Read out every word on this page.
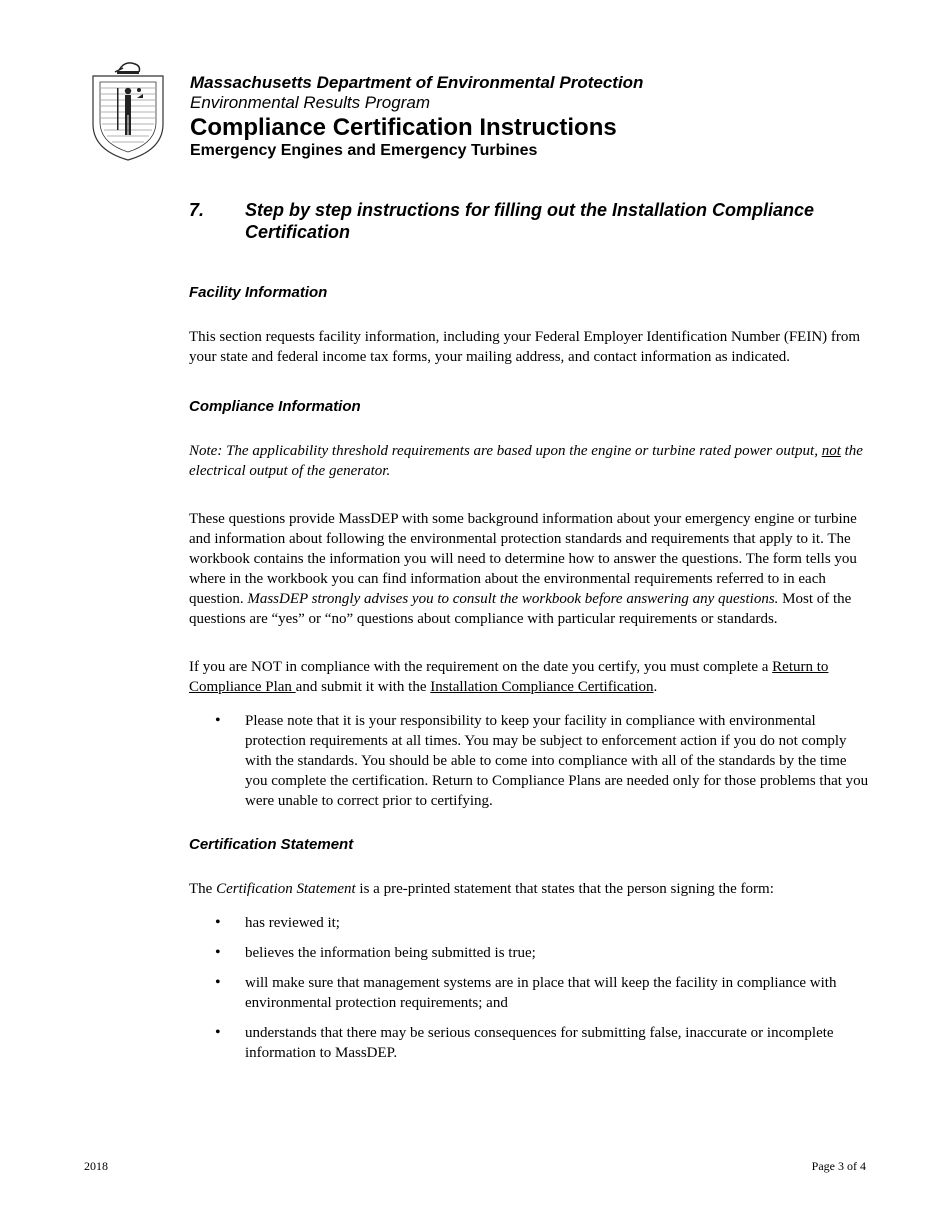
Massachusetts Department of Environmental Protection
Environmental Results Program
Compliance Certification Instructions
Emergency Engines and Emergency Turbines
7.	Step by step instructions for filling out the Installation Compliance Certification
Facility Information

This section requests facility information, including your Federal Employer Identification Number (FEIN) from your state and federal income tax forms, your mailing address, and contact information as indicated.

Compliance Information

Note: The applicability threshold requirements are based upon the engine or turbine rated power output, not the electrical output of the generator.

These questions provide MassDEP with some background information about your emergency engine or turbine and information about following the environmental protection standards and requirements that apply to it. The workbook contains the information you will need to determine how to answer the questions. The form tells you where in the workbook you can find information about the environmental requirements referred to in each question. MassDEP strongly advises you to consult the workbook before answering any questions. Most of the questions are “yes” or “no” questions about compliance with particular requirements or standards.

If you are NOT in compliance with the requirement on the date you certify, you must complete a Return to Compliance Plan and submit it with the Installation Compliance Certification.

• Please note that it is your responsibility to keep your facility in compliance with environmental protection requirements at all times. You may be subject to enforcement action if you do not comply with the standards. You should be able to come into compliance with all of the standards by the time you complete the certification. Return to Compliance Plans are needed only for those problems that you were unable to correct prior to certifying.
Certification Statement

The Certification Statement is a pre-printed statement that states that the person signing the form:

• has reviewed it;
• believes the information being submitted is true;
• will make sure that management systems are in place that will keep the facility in compliance with environmental protection requirements; and
• understands that there may be serious consequences for submitting false, inaccurate or incomplete information to MassDEP.
2018	Page 3 of 4
